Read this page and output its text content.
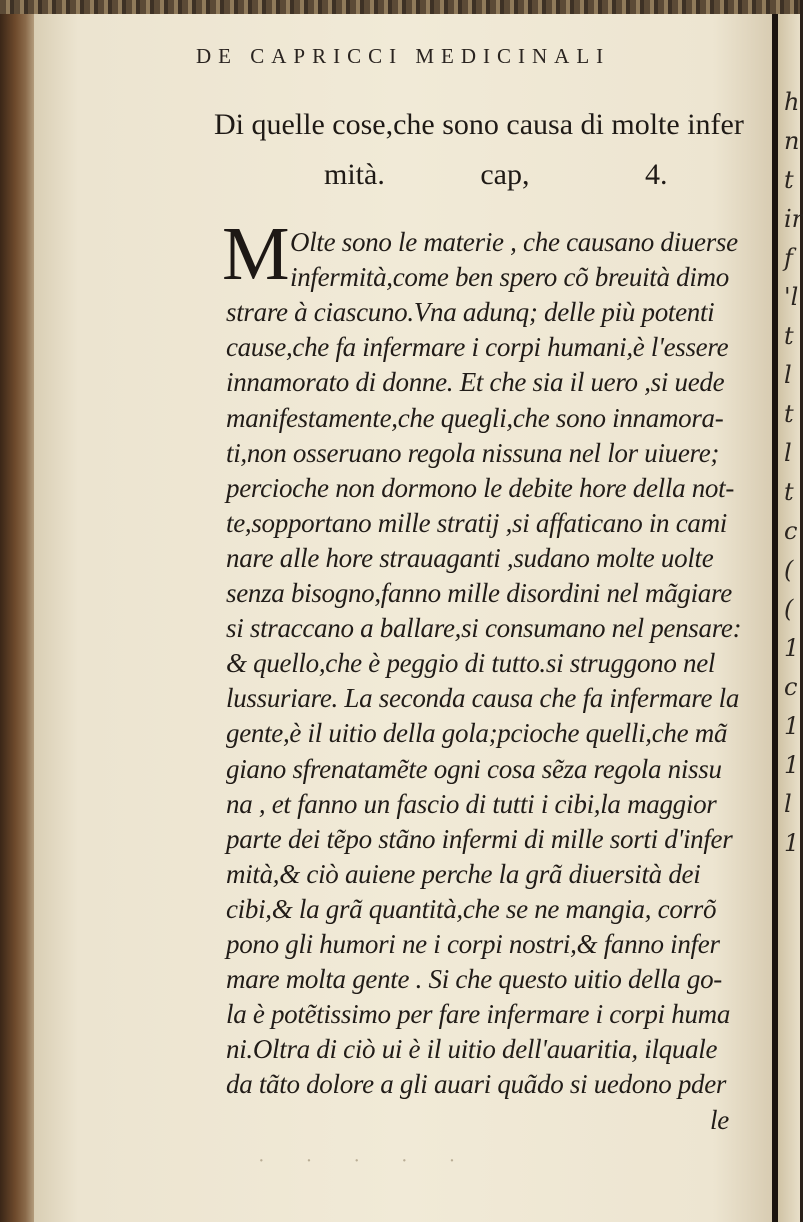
DE CAPRICCI MEDICINALI
Di quelle cose,che sono causa di molte infer
mità.	cap,	4.
M Olte sono le materie , che causano diuerse
infermità,come ben spero cõ breuità dimo
strare à ciascuno.Vna adunq; delle più potenti
cause,che fa infermare i corpi humani,è l'essere
innamorato di donne. Et che sia il uero ,si uede
manifestamente,che quegli,che sono innamora-
ti,non osseruano regola nissuna nel lor uiuere;
percioche non dormono le debite hore della not-
te,sopportano mille stratij ,si affaticano in cami
nare alle hore strauaganti ,sudano molte uolte
senza bisogno,fanno mille disordini nel mãgiare
si straccano a ballare,si consumano nel pensare:
& quello,che è peggio di tutto.si struggono nel
lussuriare. La seconda causa che fa infermare la
gente,è il uitio della gola;pcioche quelli,che mã
giano sfrenatamẽte ogni cosa sẽza regola nissu
na , et fanno un fascio di tutti i cibi,la maggior
parte dei tẽpo stãno infermi di mille sorti d'infer
mità,& ciò auiene perche la grã diuersità dei
cibi,& la grã quantità,che se ne mangia, corrõ
pono gli humori ne i corpi nostri,& fanno infer
mare molta gente . Si che questo uitio della go-
la è potẽtissimo per fare infermare i corpi huma
ni.Oltra di ciò ui è il uitio dell'auaritia, ilquale
da tãto dolore a gli auari quãdo si uedono pder
le
· · · · ·
h
n
t
ir
f
'l
t
l
t
l
t
c
(
(
1
c
1
1
l
1
